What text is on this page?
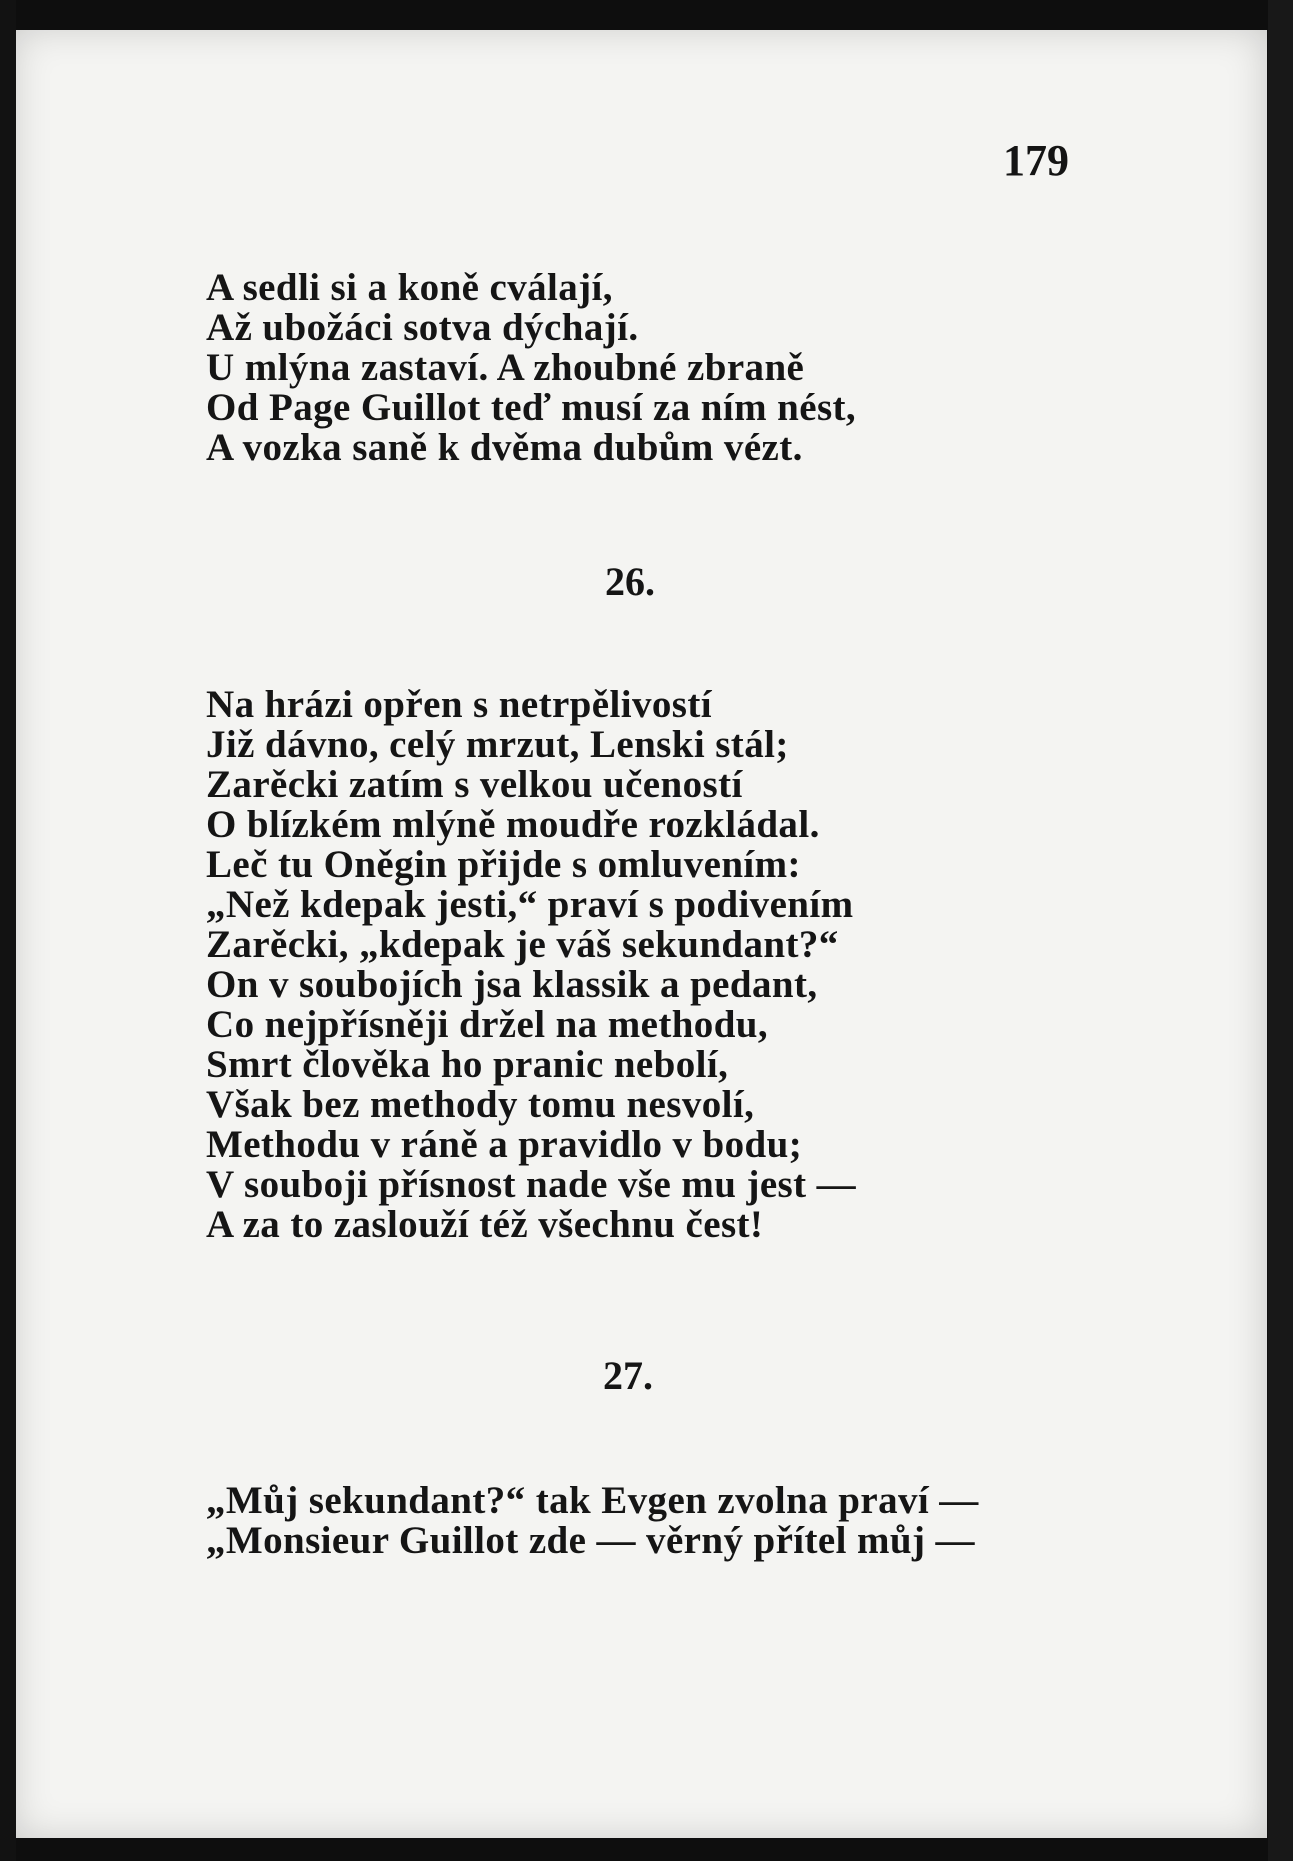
179
A sedli si a koně cválají,
Až ubožáci sotva dýchají.
U mlýna zastaví. A zhoubné zbraně
Od Page Guillot teď musí za ním nést,
A vozka saně k dvěma dubům vézt.
26.
Na hrázi opřen s netrpělivostí
Již dávno, celý mrzut, Lenski stál;
Zarěcki zatím s velkou učeností
O blízkém mlýně moudře rozkládal.
Leč tu Oněgin přijde s omluvením:
„Než kdepak jesti,“ praví s podivením
Zarěcki, „kdepak je váš sekundant?“
On v soubojích jsa klassik a pedant,
Co nejpřísněji držel na methodu,
Smrt člověka ho pranic nebolí,
Však bez methody tomu nesvolí,
Methodu v ráně a pravidlo v bodu;
V souboji přísnost nade vše mu jest —
A za to zaslouží též všechnu čest!
27.
„Můj sekundant?“ tak Evgen zvolna praví —
„Monsieur Guillot zde — věrný přítel můj —
